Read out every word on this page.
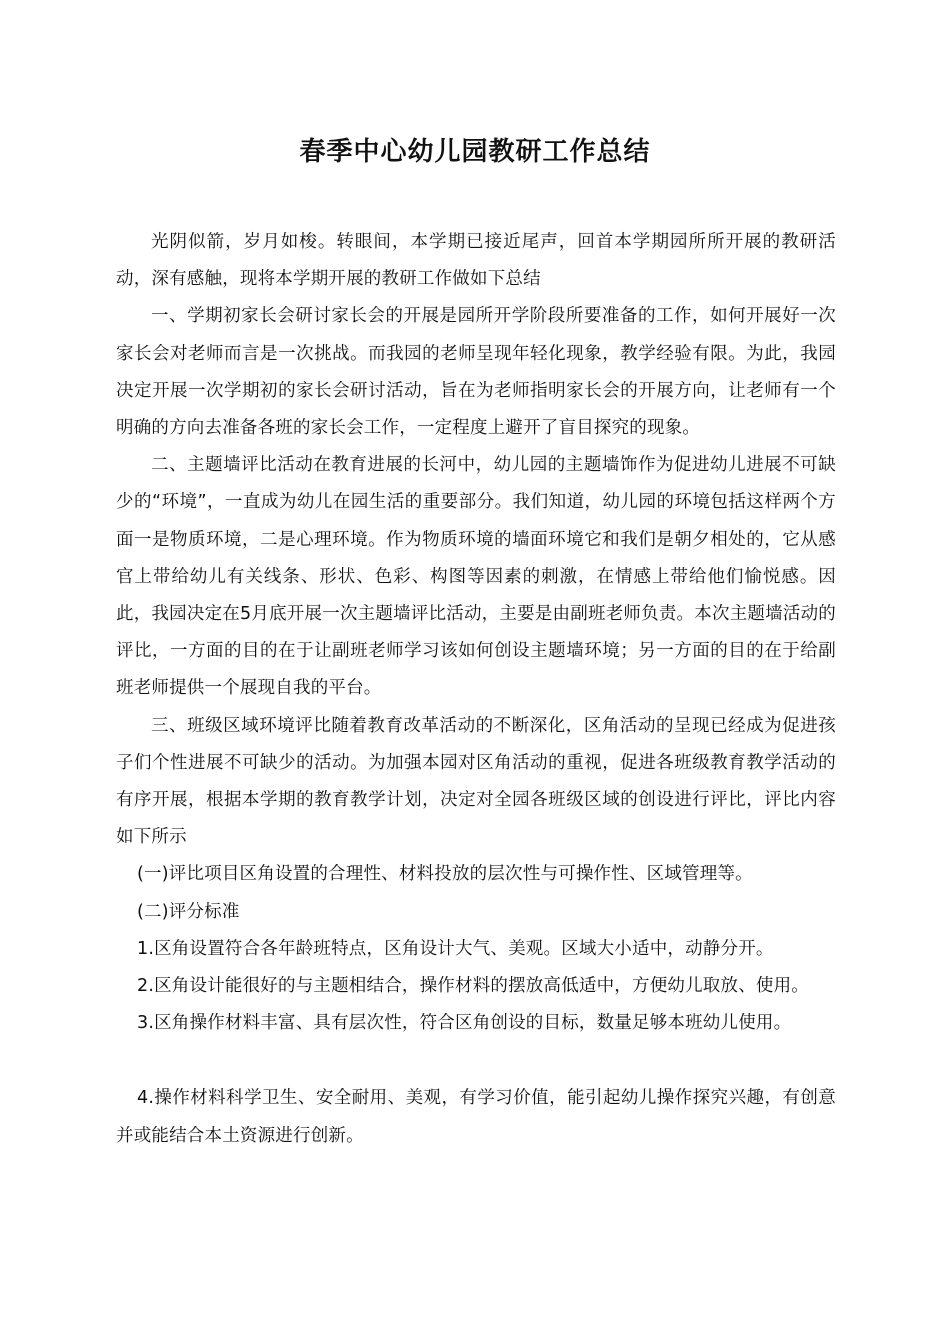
春季中心幼儿园教研工作总结

光阴似箭，岁月如梭。转眼间，本学期已接近尾声，回首本学期园所所开展的教研活动，深有感触，现将本学期开展的教研工作做如下总结

一、学期初家长会研讨家长会的开展是园所开学阶段所要准备的工作，如何开展好一次家长会对老师而言是一次挑战。而我园的老师呈现年轻化现象，教学经验有限。为此，我园决定开展一次学期初的家长会研讨活动，旨在为老师指明家长会的开展方向，让老师有一个明确的方向去准备各班的家长会工作，一定程度上避开了盲目探究的现象。

二、主题墙评比活动在教育进展的长河中，幼儿园的主题墙饰作为促进幼儿进展不可缺少的“环境”，一直成为幼儿在园生活的重要部分。我们知道，幼儿园的环境包括这样两个方面一是物质环境，二是心理环境。作为物质环境的墙面环境它和我们是朝夕相处的，它从感官上带给幼儿有关线条、形状、色彩、构图等因素的刺激，在情感上带给他们愉悦感。因此，我园决定在5月底开展一次主题墙评比活动，主要是由副班老师负责。本次主题墙活动的评比，一方面的目的在于让副班老师学习该如何创设主题墙环境；另一方面的目的在于给副班老师提供一个展现自我的平台。

三、班级区域环境评比随着教育改革活动的不断深化，区角活动的呈现已经成为促进孩子们个性进展不可缺少的活动。为加强本园对区角活动的重视，促进各班级教育教学活动的有序开展，根据本学期的教育教学计划，决定对全园各班级区域的创设进行评比，评比内容如下所示

(一)评比项目区角设置的合理性、材料投放的层次性与可操作性、区域管理等。

(二)评分标准

1.区角设置符合各年龄班特点，区角设计大气、美观。区域大小适中，动静分开。

2.区角设计能很好的与主题相结合，操作材料的摆放高低适中，方便幼儿取放、使用。

3.区角操作材料丰富、具有层次性，符合区角创设的目标，数量足够本班幼儿使用。

4.操作材料科学卫生、安全耐用、美观，有学习价值，能引起幼儿操作探究兴趣，有创意并或能结合本土资源进行创新。
